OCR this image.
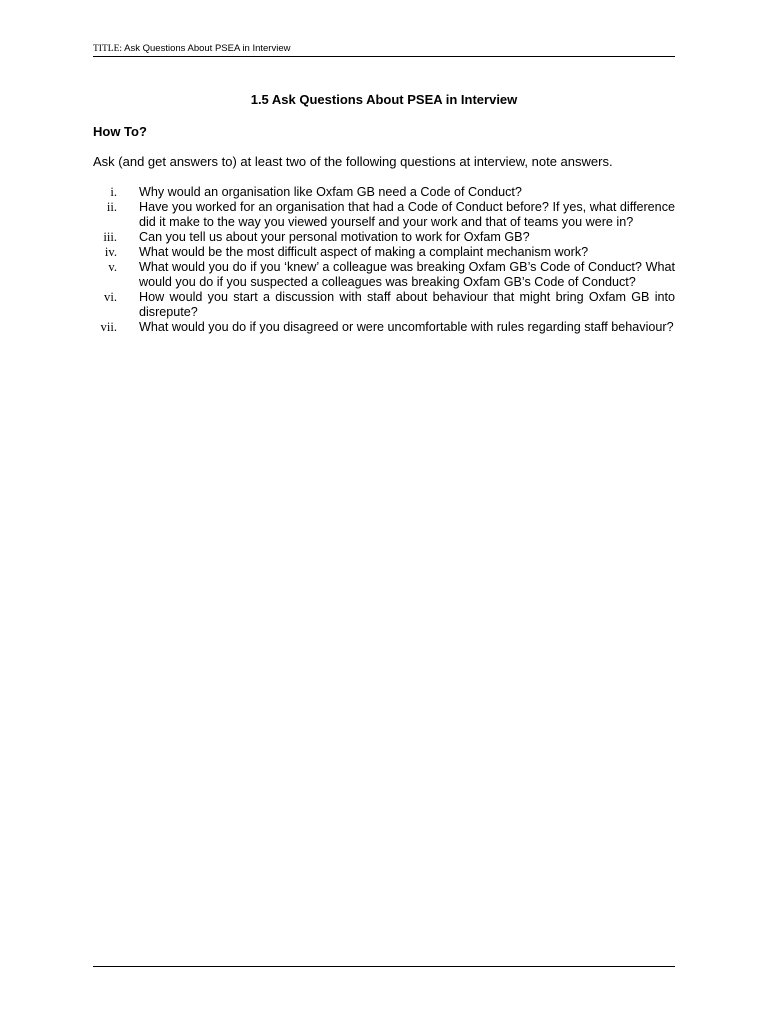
TITLE: Ask Questions About PSEA in Interview
1.5 Ask Questions About PSEA in Interview
How To?

Ask (and get answers to) at least two of the following questions at interview, note answers.

i. Why would an organisation like Oxfam GB need a Code of Conduct?
ii. Have you worked for an organisation that had a Code of Conduct before? If yes, what difference did it make to the way you viewed yourself and your work and that of teams you were in?
iii. Can you tell us about your personal motivation to work for Oxfam GB?
iv. What would be the most difficult aspect of making a complaint mechanism work?
v. What would you do if you ‘knew’ a colleague was breaking Oxfam GB’s Code of Conduct? What would you do if you suspected a colleagues was breaking Oxfam GB’s Code of Conduct?
vi. How would you start a discussion with staff about behaviour that might bring Oxfam GB into disrepute?
vii. What would you do if you disagreed or were uncomfortable with rules regarding staff behaviour?
